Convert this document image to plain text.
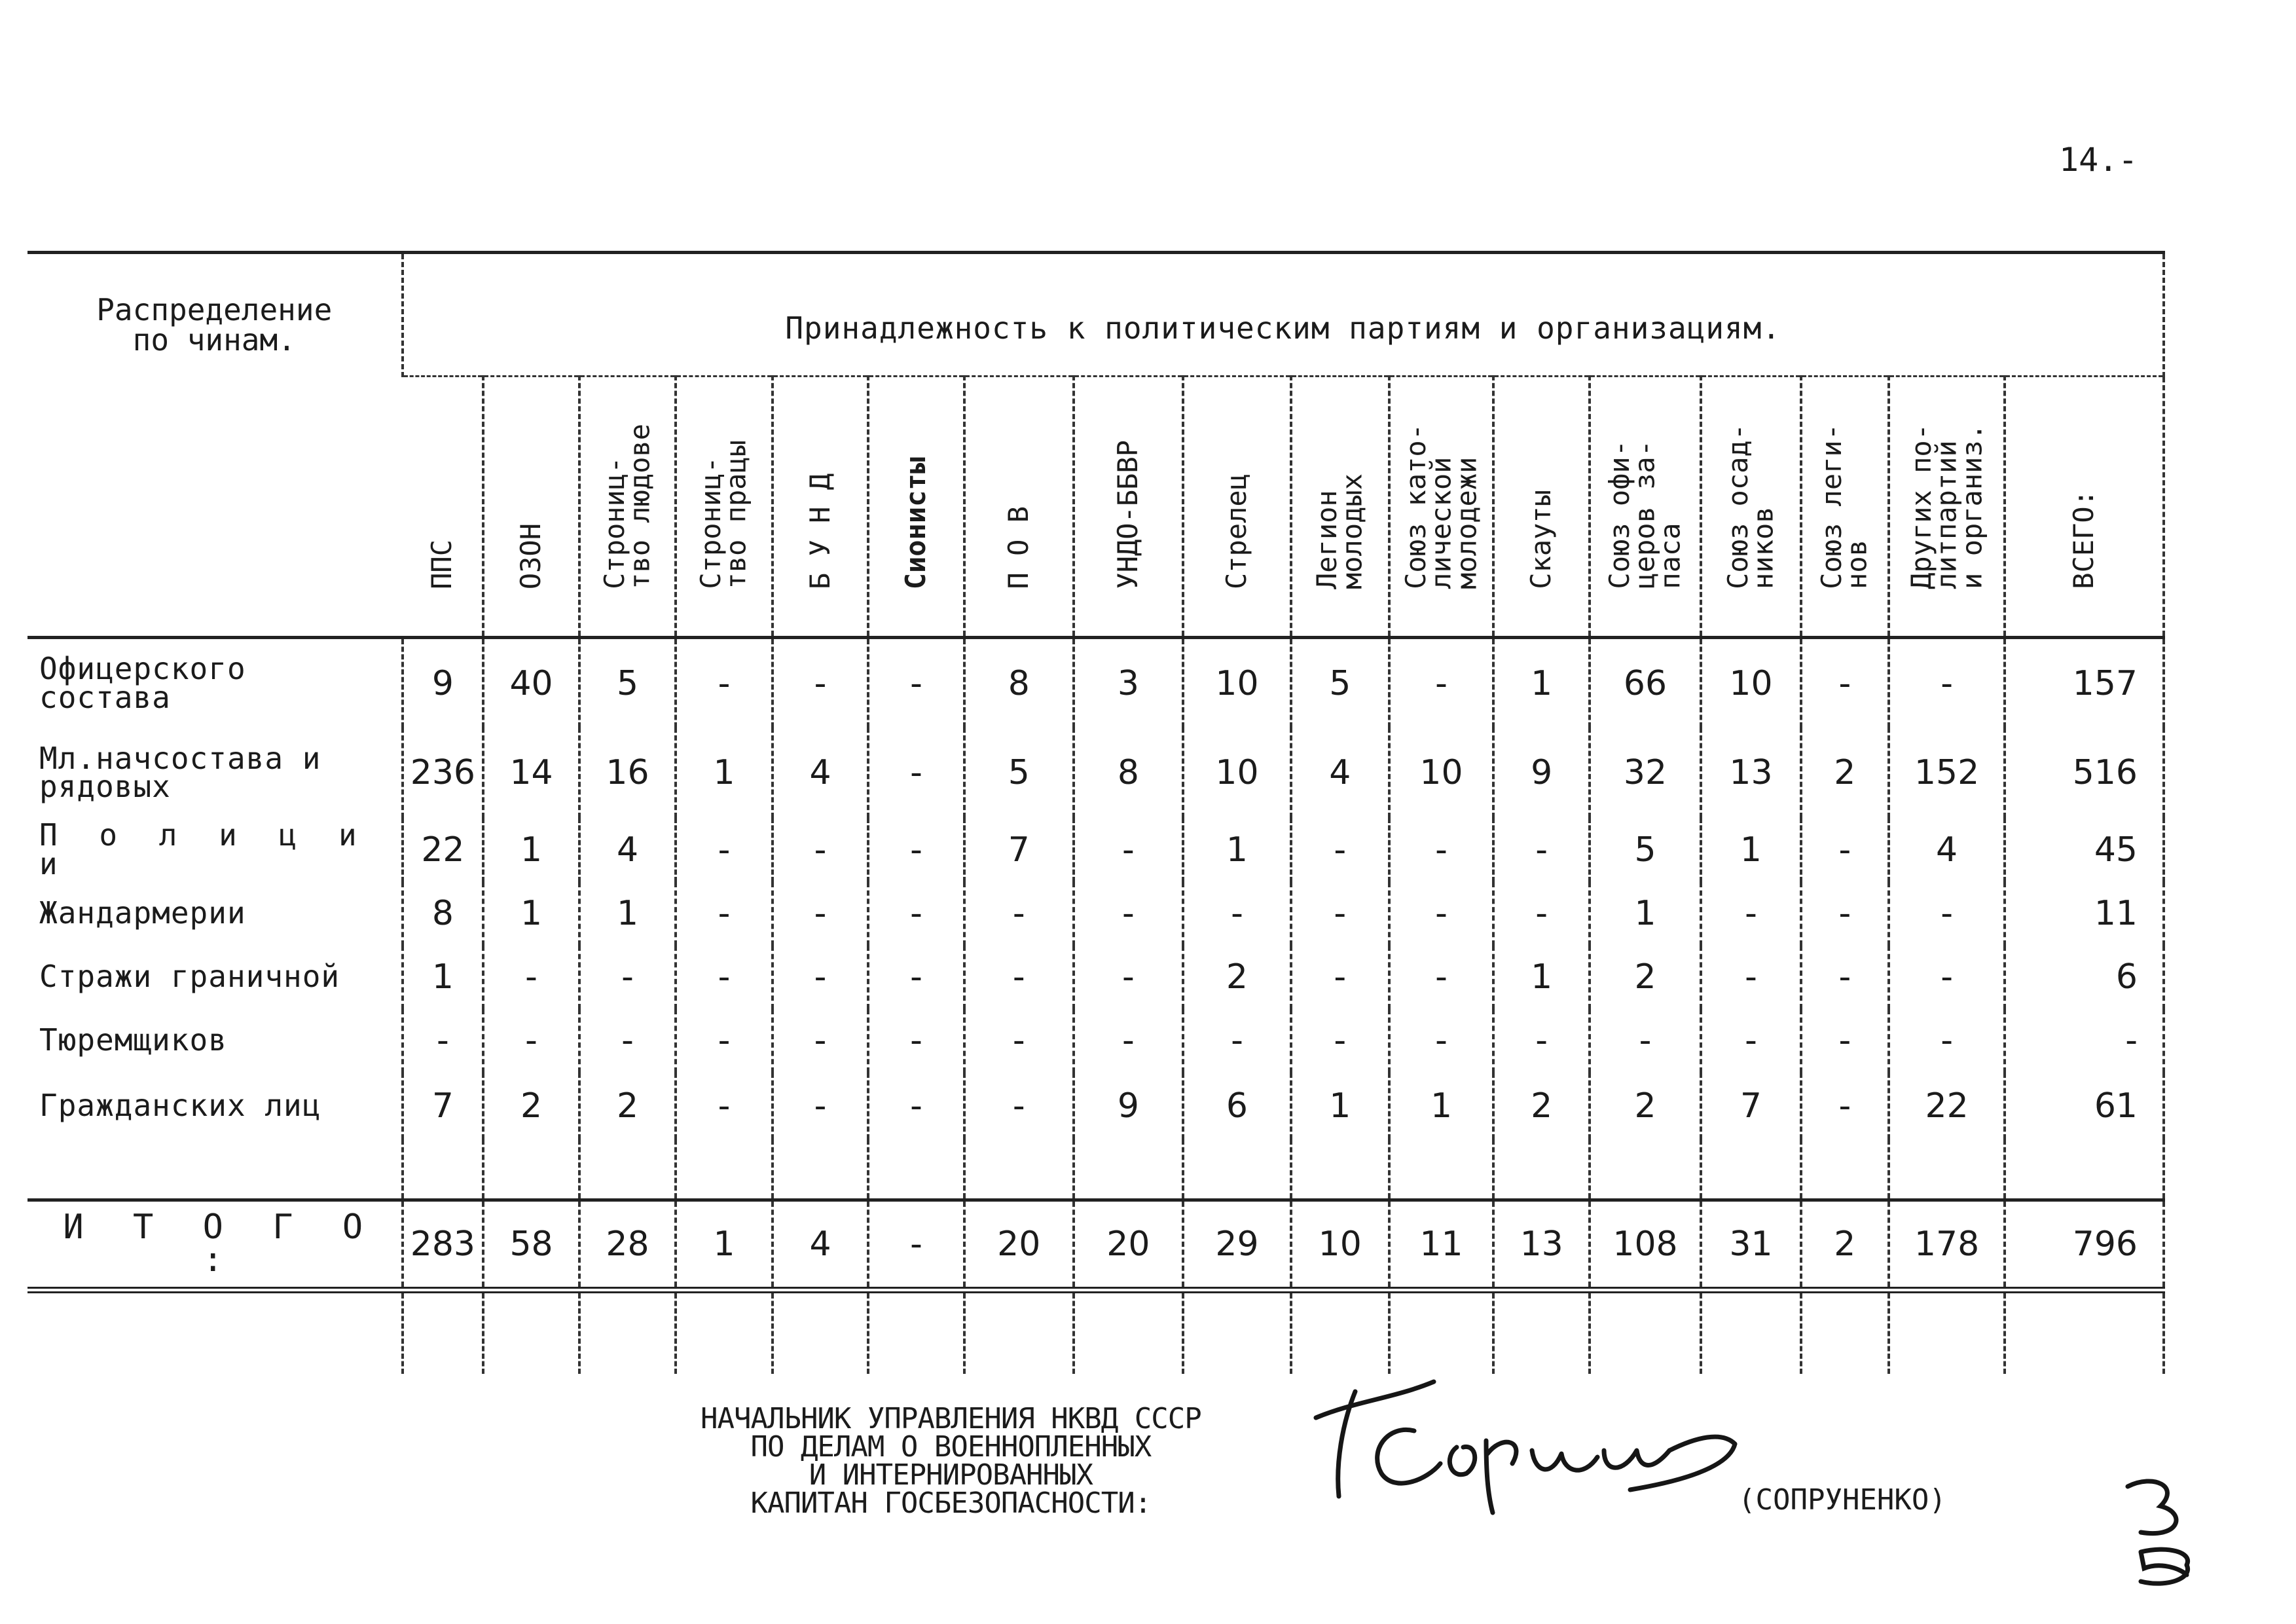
14.-
Распределение
по чинам.	Принадлежность к политическим партиям и организациям.																
	ППС	ОЗОН	Строниц-
тво людове	Строниц-
тво працы	Б У Н Д	Сионисты	П О В	УНДО-ББВР	Стрелец	Легион
молодых	Союз като-
лической
молодежи	Скауты	Союз офи-
церов за-
паса	Союз осад-
ников	Союз леги-
нов	Других по-
литпартий
и организ.	ВСЕГО:
Офицерского
состава	9	40	5	-	-	-	8	3	10	5	-	1	66	10	-	-	157
Мл.начсостава и
рядовых	236	14	16	1	4	-	5	8	10	4	10	9	32	13	2	152	516
П о л и ц и и	22	1	4	-	-	-	7	-	1	-	-	-	5	1	-	4	45
Жандармерии	8	1	1	-	-	-	-	-	-	-	-	-	1	-	-	-	11
Стражи граничной	1	-	-	-	-	-	-	-	2	-	-	1	2	-	-	-	6
Тюремщиков	-	-	-	-	-	-	-	-	-	-	-	-	-	-	-	-	-
Гражданских лиц	7	2	2	-	-	-	-	9	6	1	1	2	2	7	-	22	61

И Т О Г О :	283	58	28	1	4	-	20	20	29	10	11	13	108	31	2	178	796

НАЧАЛЬНИК УПРАВЛЕНИЯ НКВД СССР
ПО ДЕЛАМ О ВОЕННОПЛЕННЫХ
И ИНТЕРНИРОВАННЫХ
КАПИТАН ГОСБЕЗОПАСНОСТИ:	(СОПРУНЕНКО)
